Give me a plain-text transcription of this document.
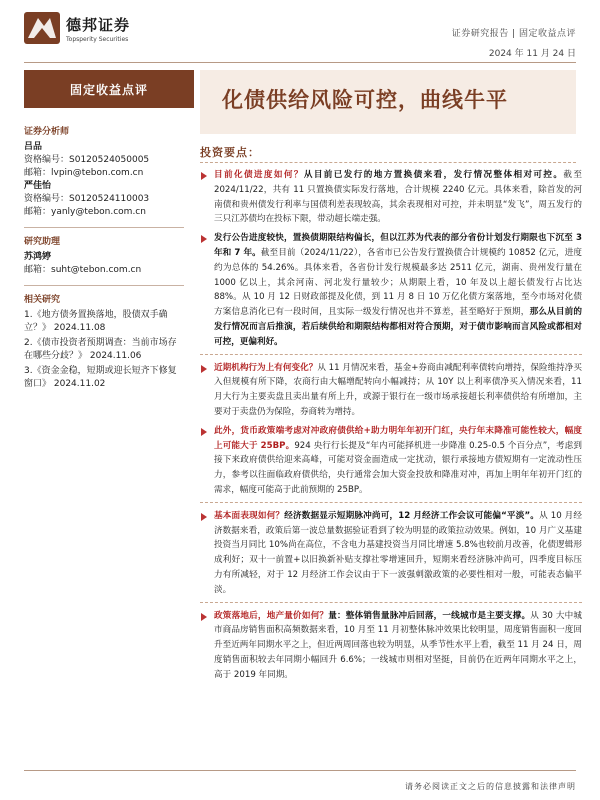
德邦证券
Topsperity Securities	证券研究报告 | 固定收益点评
2024 年 11 月 24 日
固定收益点评	化债供给风险可控，曲线牛平
证券分析师
吕品
资格编号：S0120524050005
邮箱：lvpin@tebon.com.cn
严佳怡
资格编号：S0120524110003
邮箱：yanly@tebon.com.cn
研究助理
苏鸿婷
邮箱：suht@tebon.com.cn
相关研究
1.《地方债务置换落地，股债双手确
立？》 2024.11.08
2.《债市投资者预期调查：当前市场存
在哪些分歧？》 2024.11.06
3.《资金金稳，短期或迎长短齐下修复
窗口》 2024.11.02
投资要点：
目前化债进度如何？从目前已发行的地方置换债来看，发行情况整体相对可控。截至 2024/11/22，共有 11 只置换债实际发行落地，合计规模 2240 亿元。具体来看，除首发的河南债和贵州债发行利率与国债利差表现较高，其余表现相对可控，并未明显“发飞”，周五发行的三只江苏债均在投标下限，带动超长端走强。
发行公告进度较快，置换债期限结构偏长，但以江苏为代表的部分省份计划发行期限也下沉至 3 年和 7 年。截至目前（2024/11/22），各省市已公告发行置换债合计规模约 10852 亿元，进度约为总体的 54.26%。具体来看，各省份计发行规模最多达 2511 亿元，湖南、贵州发行量在 1000 亿以上，其余河南、河北发行量较少；从期限上看，10 年及以上超长债发行占比达 88%。从 10 月 12 日财政部提及化债，到 11 月 8 日 10 万亿化债方案落地，至今市场对化债方案信息消化已有一段时间，且实际一级发行情况也并不算差，甚至略好于预期，那么从目前的发行情况而言后推演，若后续供给和期限结构都相对符合预期，对于债市影响而言风险或都相对可控，更偏利好。
近期机构行为上有何变化？从 11 月情况来看，基金+券商由减配利率债转向增持，保险维持净买入但规模有所下降，农商行由大幅增配转向小幅减持；从 10Y 以上利率债净买入情况来看，11 月大行为主要卖盘且卖出量有所上升，或源于银行在一级市场承接超长利率债供给有所增加，主要对于卖盘仍为保险，券商转为增持。
此外，货币政策端考虑对冲政府债供给+助力明年年初开门红，央行年末降准可能性较大，幅度上可能大于 25BP。924 央行行长提及“年内可能择机进一步降准 0.25-0.5 个百分点”，考虑到接下来政府债供给迎来高峰，可能对资金面造成一定扰动，银行承接地方债短期有一定流动性压力，参考以往面临政府债供给，央行通常会加大资金投放和降准对冲，再加上明年年初开门红的需求，幅度可能高于此前预期的 25BP。
基本面表现如何？经济数据显示短期脉冲尚可，12 月经济工作会议可能偏“平淡”。从 10 月经济数据来看，政策后第一波总量数据验证看到了较为明显的政策拉动效果。例如，10 月广义基建投资当月同比 10%尚在高位，不含电力基建投资当月同比增速 5.8%也较前月改善，化债逻辑形成利好；双十一前置+以旧换新补贴支撑社零增速回升，短期来看经济脉冲尚可，四季度目标压力有所减轻，对于 12 月经济工作会议由于下一波强刺激政策的必要性相对一般，可能表态偏平淡。
政策落地后，地产量价如何？量：整体销售量脉冲后回落，一线城市是主要支撑。从 30 大中城市商品房销售面积高频数据来看，10 月至 11 月初整体脉冲效果比较明显，周度销售面积一度回升至近两年同期水平之上，但近两周回落也较为明显，从季节性水平上看，截至 11 月 24 日，周度销售面积较去年同期小幅回升 6.6%；一线城市则相对坚挺，目前仍在近两年同期水平之上，高于 2019 年同期。
请务必阅读正文之后的信息披露和法律声明
